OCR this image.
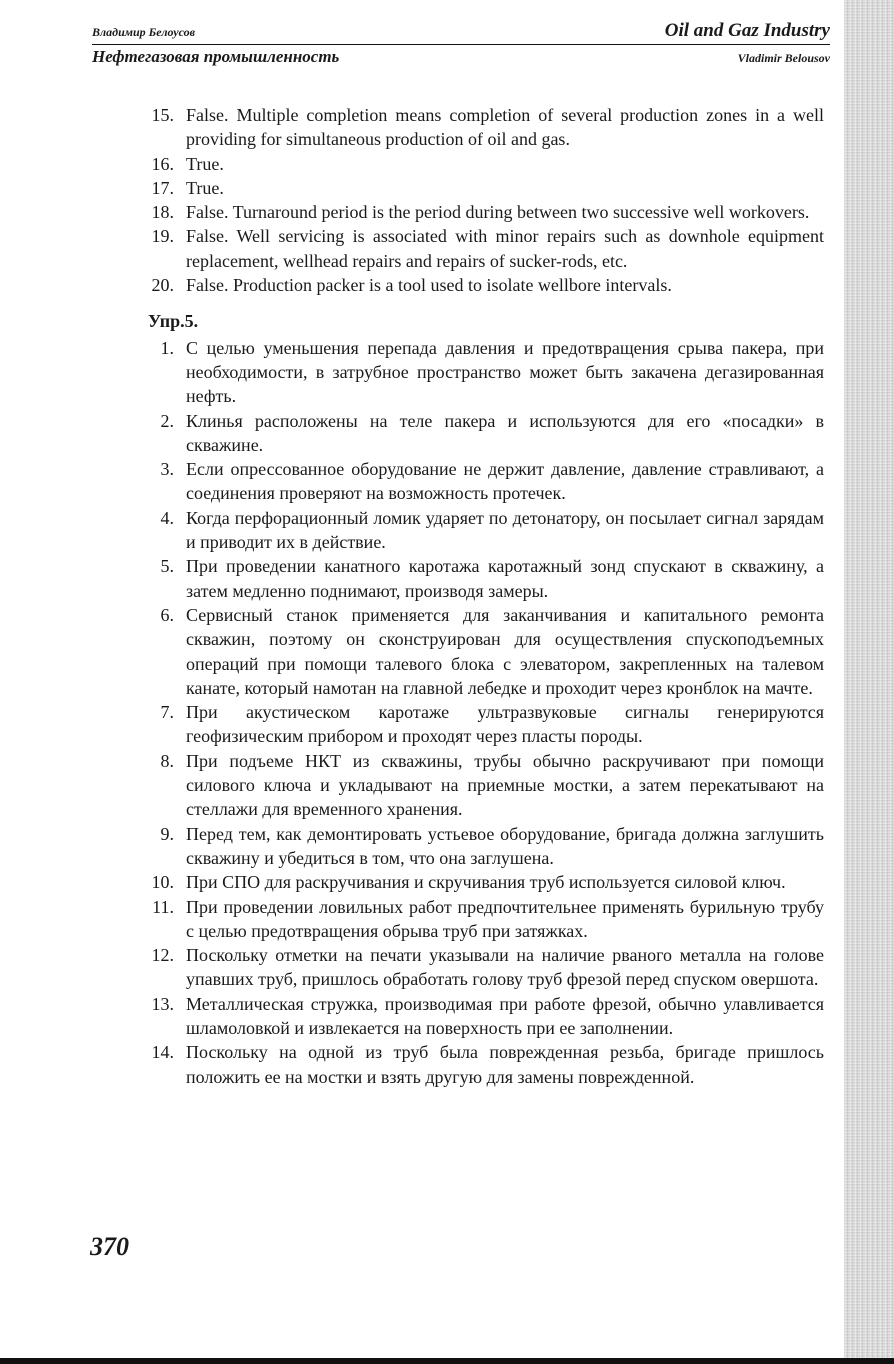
Владимир Белоусов	Oil and Gaz Industry
Нефтегазовая промышленность	Vladimir Belousov
15. False. Multiple completion means completion of several production zones in a well providing for simultaneous production of oil and gas.
16. True.
17. True.
18. False. Turnaround period is the period during between two successive well workovers.
19. False. Well servicing is associated with minor repairs such as downhole equipment replacement, wellhead repairs and repairs of sucker-rods, etc.
20. False. Production packer is a tool used to isolate wellbore intervals.
Упр.5.
1. С целью уменьшения перепада давления и предотвращения срыва пакера, при необходимости, в затрубное пространство может быть закачена дегазированная нефть.
2. Клинья расположены на теле пакера и используются для его «посадки» в скважине.
3. Если опрессованное оборудование не держит давление, давление стравливают, а соединения проверяют на возможность протечек.
4. Когда перфорационный ломик ударяет по детонатору, он посылает сигнал зарядам и приводит их в действие.
5. При проведении канатного каротажа каротажный зонд спускают в скважину, а затем медленно поднимают, производя замеры.
6. Сервисный станок применяется для заканчивания и капитального ремонта скважин, поэтому он сконструирован для осуществления спускоподъемных операций при помощи талевого блока с элеватором, закрепленных на талевом канате, который намотан на главной лебедке и проходит через кронблок на мачте.
7. При акустическом каротаже ультразвуковые сигналы генерируются геофизическим прибором и проходят через пласты породы.
8. При подъеме НКТ из скважины, трубы обычно раскручивают при помощи силового ключа и укладывают на приемные мостки, а затем перекатывают на стеллажи для временного хранения.
9. Перед тем, как демонтировать устьевое оборудование, бригада должна заглушить скважину и убедиться в том, что она заглушена.
10. При СПО для раскручивания и скручивания труб используется силовой ключ.
11. При проведении ловильных работ предпочтительнее применять бурильную трубу с целью предотвращения обрыва труб при затяжках.
12. Поскольку отметки на печати указывали на наличие рваного металла на голове упавших труб, пришлось обработать голову труб фрезой перед спуском овершота.
13. Металлическая стружка, производимая при работе фрезой, обычно улавливается шламоловкой и извлекается на поверхность при ее заполнении.
14. Поскольку на одной из труб была поврежденная резьба, бригаде пришлось положить ее на мостки и взять другую для замены поврежденной.
370
